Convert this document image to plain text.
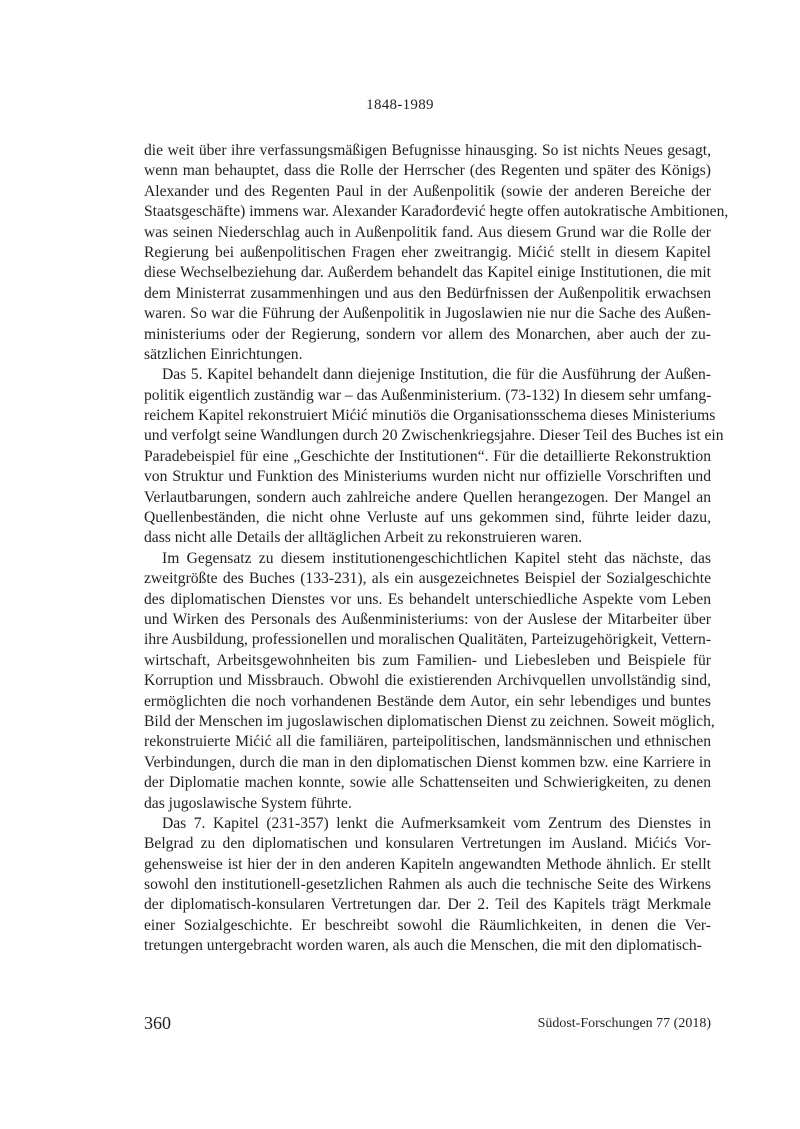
1848-1989
die weit über ihre verfassungsmäßigen Befugnisse hinausging. So ist nichts Neues gesagt,
wenn man behauptet, dass die Rolle der Herrscher (des Regenten und später des Königs)
Alexander und des Regenten Paul in der Außenpolitik (sowie der anderen Bereiche der
Staatsgeschäfte) immens war. Alexander Karađorđević hegte offen autokratische Ambitionen,
was seinen Niederschlag auch in Außenpolitik fand. Aus diesem Grund war die Rolle der
Regierung bei außenpolitischen Fragen eher zweitrangig. Mićić stellt in diesem Kapitel
diese Wechselbeziehung dar. Außerdem behandelt das Kapitel einige Institutionen, die mit
dem Ministerrat zusammenhingen und aus den Bedürfnissen der Außenpolitik erwachsen
waren. So war die Führung der Außenpolitik in Jugoslawien nie nur die Sache des Außen-
ministeriums oder der Regierung, sondern vor allem des Monarchen, aber auch der zu-
sätzlichen Einrichtungen.
Das 5. Kapitel behandelt dann diejenige Institution, die für die Ausführung der Außen-
politik eigentlich zuständig war – das Außenministerium. (73-132) In diesem sehr umfang-
reichem Kapitel rekonstruiert Mićić minutiös die Organisationsschema dieses Ministeriums
und verfolgt seine Wandlungen durch 20 Zwischenkriegsjahre. Dieser Teil des Buches ist ein
Paradebeispiel für eine „Geschichte der Institutionen“. Für die detaillierte Rekonstruktion
von Struktur und Funktion des Ministeriums wurden nicht nur offizielle Vorschriften und
Verlautbarungen, sondern auch zahlreiche andere Quellen herangezogen. Der Mangel an
Quellenbeständen, die nicht ohne Verluste auf uns gekommen sind, führte leider dazu,
dass nicht alle Details der alltäglichen Arbeit zu rekonstruieren waren.
Im Gegensatz zu diesem institutionengeschichtlichen Kapitel steht das nächste, das
zweitgrößte des Buches (133-231), als ein ausgezeichnetes Beispiel der Sozialgeschichte
des diplomatischen Dienstes vor uns. Es behandelt unterschiedliche Aspekte vom Leben
und Wirken des Personals des Außenministeriums: von der Auslese der Mitarbeiter über
ihre Ausbildung, professionellen und moralischen Qualitäten, Parteizugehörigkeit, Vettern-
wirtschaft, Arbeitsgewohnheiten bis zum Familien- und Liebesleben und Beispiele für
Korruption und Missbrauch. Obwohl die existierenden Archivquellen unvollständig sind,
ermöglichten die noch vorhandenen Bestände dem Autor, ein sehr lebendiges und buntes
Bild der Menschen im jugoslawischen diplomatischen Dienst zu zeichnen. Soweit möglich,
rekonstruierte Mićić all die familiären, parteipolitischen, landsmännischen und ethnischen
Verbindungen, durch die man in den diplomatischen Dienst kommen bzw. eine Karriere in
der Diplomatie machen konnte, sowie alle Schattenseiten und Schwierigkeiten, zu denen
das jugoslawische System führte.
Das 7. Kapitel (231-357) lenkt die Aufmerksamkeit vom Zentrum des Dienstes in
Belgrad zu den diplomatischen und konsularen Vertretungen im Ausland. Mićićs Vor-
gehensweise ist hier der in den anderen Kapiteln angewandten Methode ähnlich. Er stellt
sowohl den institutionell-gesetzlichen Rahmen als auch die technische Seite des Wirkens
der diplomatisch-konsularen Vertretungen dar. Der 2. Teil des Kapitels trägt Merkmale
einer Sozialgeschichte. Er beschreibt sowohl die Räumlichkeiten, in denen die Ver-
tretungen untergebracht worden waren, als auch die Menschen, die mit den diplomatisch-
360	Südost-Forschungen 77 (2018)
